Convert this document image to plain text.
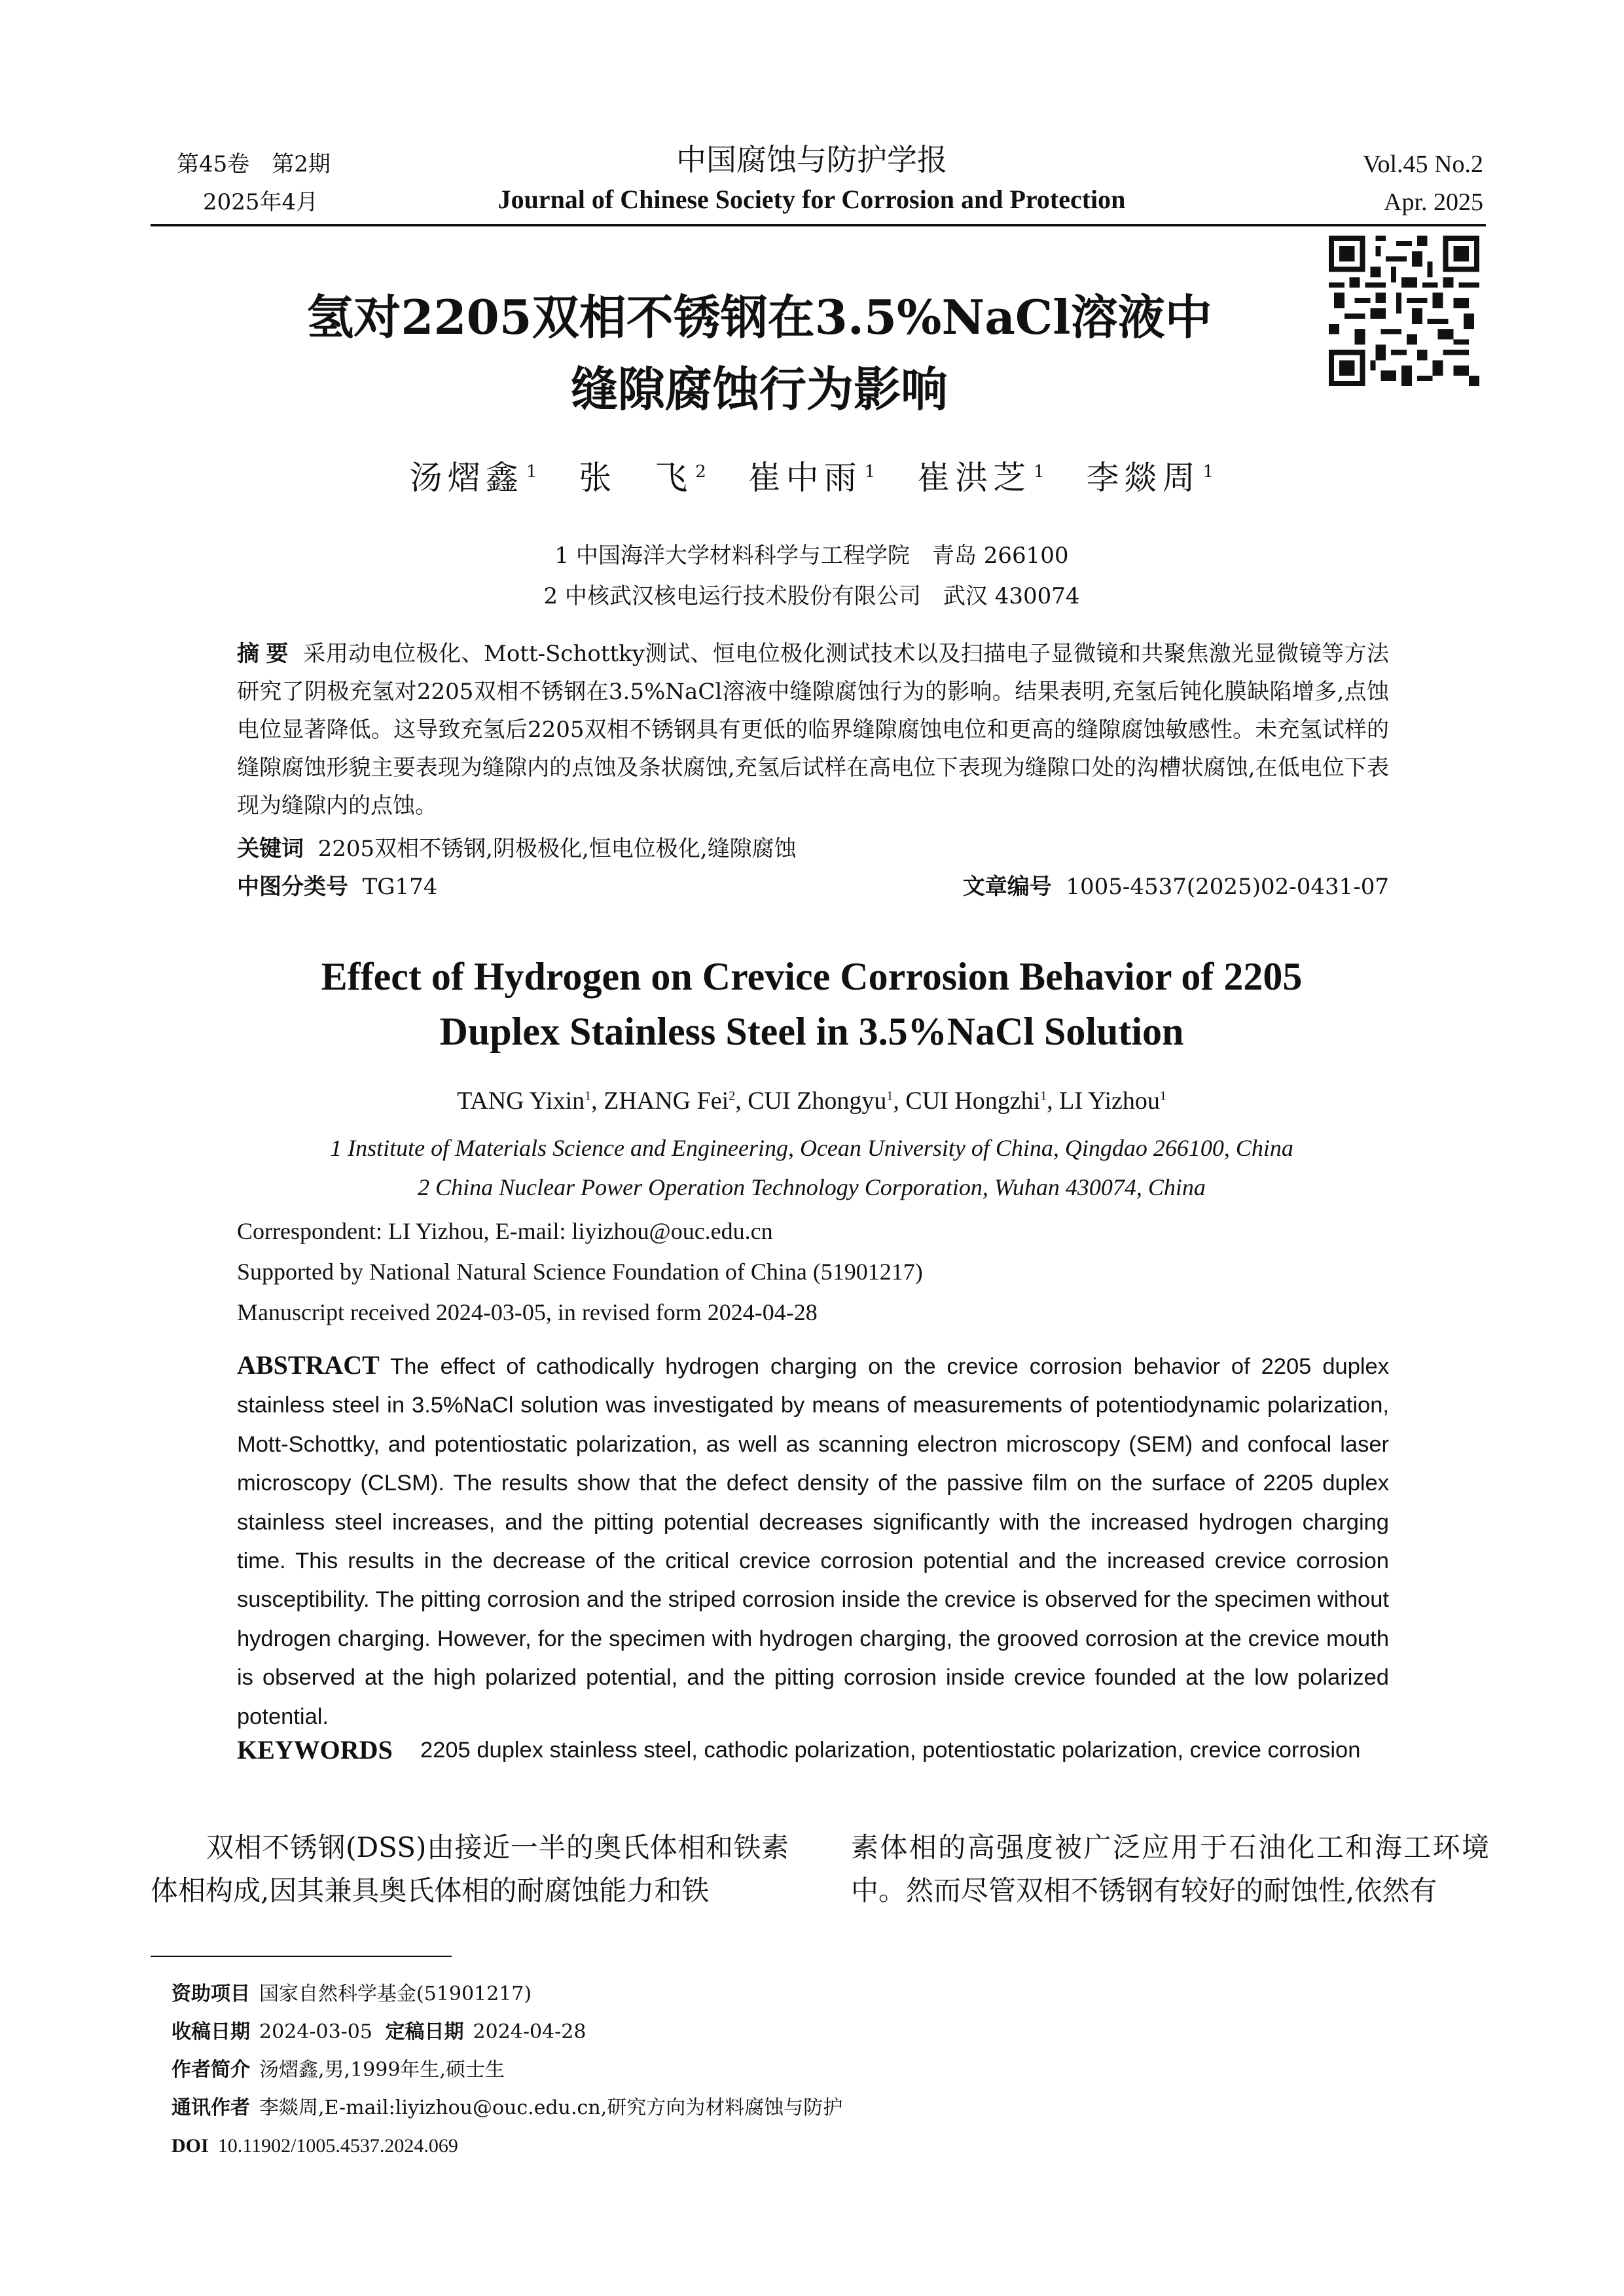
第45卷　第2期
2025年4月
中国腐蚀与防护学报
Journal of Chinese Society for Corrosion and Protection
Vol.45 No.2
Apr. 2025
氢对2205双相不锈钢在3.5%NaCl溶液中
缝隙腐蚀行为影响
汤熠鑫 $^1$ 张　飞 $^2$ 崔中雨 $^1$ 崔洪芝 $^1$ 李燚周 $^1$
1 中国海洋大学材料科学与工程学院　青岛 266100
2 中核武汉核电运行技术股份有限公司　武汉 430074
摘 要 采用动电位极化、Mott-Schottky测试、恒电位极化测试技术以及扫描电子显微镜和共聚焦激光显微镜等方法研究了阴极充氢对2205双相不锈钢在3.5%NaCl溶液中缝隙腐蚀行为的影响。结果表明,充氢后钝化膜缺陷增多,点蚀电位显著降低。这导致充氢后2205双相不锈钢具有更低的临界缝隙腐蚀电位和更高的缝隙腐蚀敏感性。未充氢试样的缝隙腐蚀形貌主要表现为缝隙内的点蚀及条状腐蚀,充氢后试样在高电位下表现为缝隙口处的沟槽状腐蚀,在低电位下表现为缝隙内的点蚀。
关键词 2205双相不锈钢,阴极极化,恒电位极化,缝隙腐蚀
中图分类号 TG174	文章编号 1005-4537(2025)02-0431-07
Effect of Hydrogen on Crevice Corrosion Behavior of 2205
Duplex Stainless Steel in 3.5%NaCl Solution
TANG Yixin$^1$, ZHANG Fei$^2$, CUI Zhongyu$^1$, CUI Hongzhi$^1$, LI Yizhou$^1$
1 Institute of Materials Science and Engineering, Ocean University of China, Qingdao 266100, China
2 China Nuclear Power Operation Technology Corporation, Wuhan 430074, China
Correspondent: LI Yizhou, E-mail: liyizhou@ouc.edu.cn
Supported by National Natural Science Foundation of China (51901217)
Manuscript received 2024-03-05, in revised form 2024-04-28
ABSTRACT The effect of cathodically hydrogen charging on the crevice corrosion behavior of 2205 duplex stainless steel in 3.5%NaCl solution was investigated by means of measurements of potentiodynamic polarization, Mott-Schottky, and potentiostatic polarization, as well as scanning electron microscopy (SEM) and confocal laser microscopy (CLSM). The results show that the defect density of the passive film on the surface of 2205 duplex stainless steel increases, and the pitting potential decreases significantly with the increased hydrogen charging time. This results in the decrease of the critical crevice corrosion potential and the increased crevice corrosion susceptibility. The pitting corrosion and the striped corrosion inside the crevice is observed for the specimen without hydrogen charging. However, for the specimen with hydrogen charging, the grooved corrosion at the crevice mouth is observed at the high polarized potential, and the pitting corrosion inside crevice founded at the low polarized potential.
KEYWORDS 2205 duplex stainless steel, cathodic polarization, potentiostatic polarization, crevice corrosion
　　双相不锈钢(DSS)由接近一半的奥氏体相和铁素体相构成,因其兼具奥氏体相的耐腐蚀能力和铁
素体相的高强度被广泛应用于石油化工和海工环境中。然而尽管双相不锈钢有较好的耐蚀性,依然有
资助项目 国家自然科学基金(51901217)
收稿日期 2024-03-05 定稿日期 2024-04-28
作者简介 汤熠鑫,男,1999年生,硕士生
通讯作者 李燚周,E-mail:liyizhou@ouc.edu.cn,研究方向为材料腐蚀与防护
DOI 10.11902/1005.4537.2024.069
